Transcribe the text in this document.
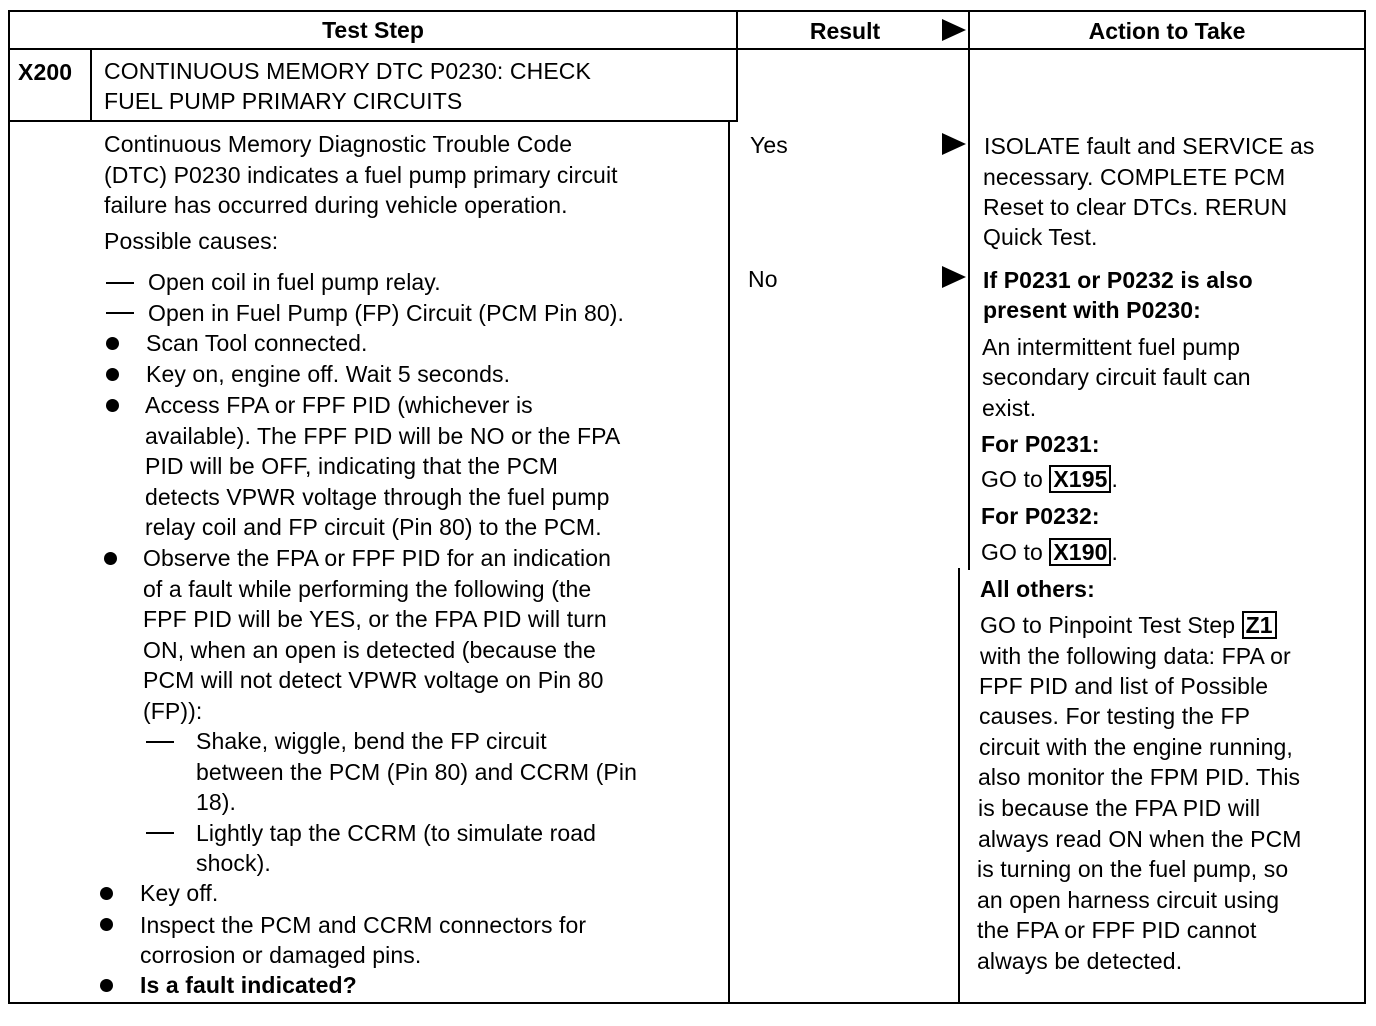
Test Step	Result	Action to Take
X200 CONTINUOUS MEMORY DTC P0230: CHECK
FUEL PUMP PRIMARY CIRCUITS
Continuous Memory Diagnostic Trouble Code
(DTC) P0230 indicates a fuel pump primary circuit
failure has occurred during vehicle operation.
Possible causes:
Open coil in fuel pump relay.
Open in Fuel Pump (FP) Circuit (PCM Pin 80).
Scan Tool connected.
Key on, engine off. Wait 5 seconds.
Access FPA or FPF PID (whichever is
available). The FPF PID will be NO or the FPA
PID will be OFF, indicating that the PCM
detects VPWR voltage through the fuel pump
relay coil and FP circuit (Pin 80) to the PCM.
Observe the FPA or FPF PID for an indication
of a fault while performing the following (the
FPF PID will be YES, or the FPA PID will turn
ON, when an open is detected (because the
PCM will not detect VPWR voltage on Pin 80
(FP)):
Shake, wiggle, bend the FP circuit
between the PCM (Pin 80) and CCRM (Pin
18).
Lightly tap the CCRM (to simulate road
shock).
Key off.
Inspect the PCM and CCRM connectors for
corrosion or damaged pins.
Is a fault indicated?
Yes
No
ISOLATE fault and SERVICE as
necessary. COMPLETE PCM
Reset to clear DTCs. RERUN
Quick Test.
If P0231 or P0232 is also
present with P0230:
An intermittent fuel pump
secondary circuit fault can
exist.
For P0231:
GO to X195 .
For P0232:
GO to X190 .
All others:
GO to Pinpoint Test Step Z1
with the following data: FPA or
FPF PID and list of Possible
causes. For testing the FP
circuit with the engine running,
also monitor the FPM PID. This
is because the FPA PID will
always read ON when the PCM
is turning on the fuel pump, so
an open harness circuit using
the FPA or FPF PID cannot
always be detected.
